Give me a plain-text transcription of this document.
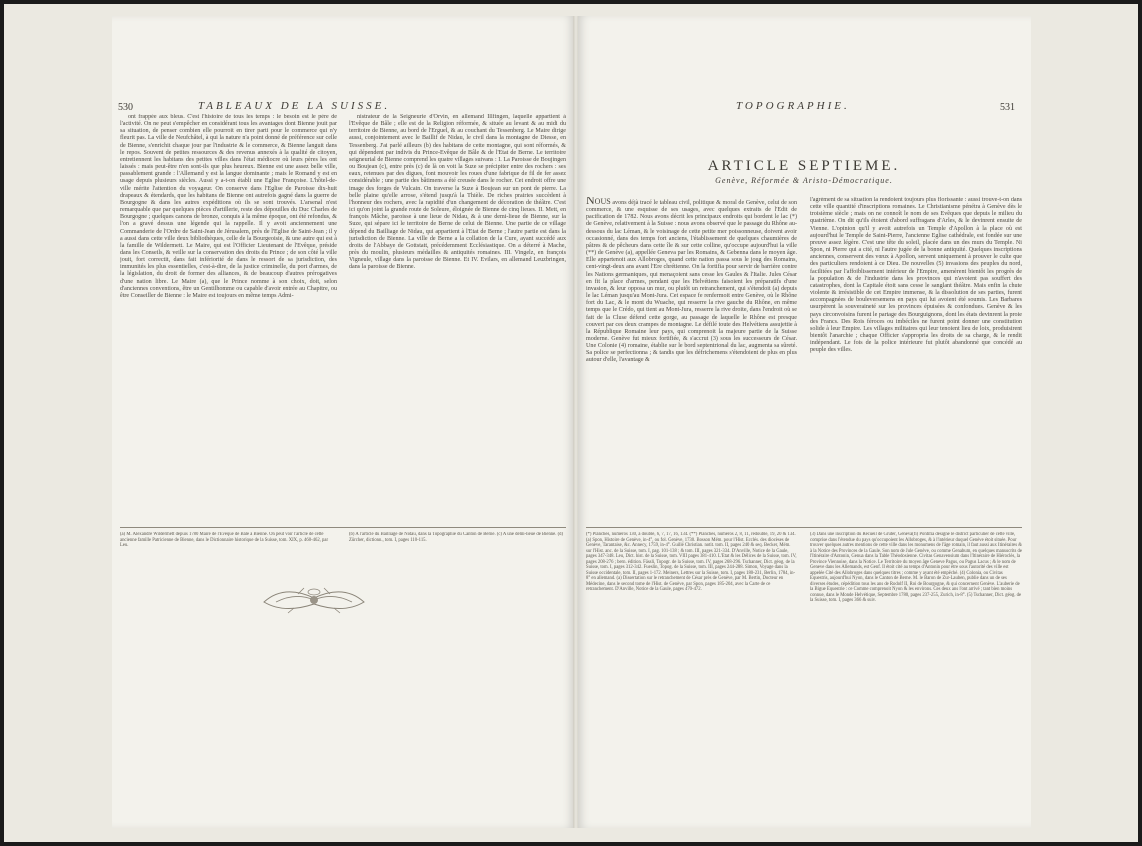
530	TABLEAUX DE LA SUISSE.

ont frappée aux bleus. C'est l'histoire de tous les temps : le besoin est le père de l'activité. On ne peut s'empêcher en considérant tous les avantages dont Bienne jouit par sa situation, de penser combien elle pourroit en tirer parti pour le commerce qui n'y fleurit pas. La ville de Neufchâtel, à qui la nature n'a point donné de préférence sur celle de Bienne, s'enrichit chaque jour par l'industrie & le commerce, & Bienne languit dans le repos. Souvent de petites ressources & des revenus annexés à la qualité de citoyen, entretiennent les habitans des petites villes dans l'état médiocre où leurs pères les ont laissés : mais peut-être n'en sont-ils que plus heureux. Bienne est une assez belle ville, passablement grande : l'Allemand y est la langue dominante ; mais le Romand y est en usage depuis plusieurs siècles. Aussi y a-t-on établi une Eglise Françoise. L'hôtel-de-ville mérite l'attention du voyageur. On conserve dans l'Eglise de Paroisse dix-huit drapeaux & étendards, que les habitans de Bienne ont autrefois gagné dans la guerre de Bourgogne & dans les autres expéditions où ils se sont trouvés. L'arsenal n'est remarquable que par quelques pièces d'artillerie, reste des dépouilles du Duc Charles de Bourgogne ; quelques canons de bronze, conquis à la même époque, ont été refondus, & l'on a gravé dessus une légende qui la rappelle. Il y avoit anciennement une Commanderie de l'Ordre de Saint-Jean de Jérusalem, près de l'Eglise de Saint-Jean ; il y a aussi dans cette ville deux bibliothèques, celle de la Bourgeoisie, & une autre qui est à la famille de Wildermett. Le Maire, qui est l'Officier Lieutenant de l'Evêque, préside dans les Conseils, & veille sur la conservation des droits du Prince ; de son côté la ville jouit, fort correctit, dans fait infériorité de dans le ressort de sa jurisdiction, des immunités les plus essentielles, c'est-à-dire, de la justice criminelle, du port d'armes, de la législation, du droit de former des alliances, & de beaucoup d'autres prérogatives d'une nation libre. Le Maire (a), que le Prince nomme à son choix, doit, selon d'anciennes conventions, être un Gentilhomme ou capable d'avoir entrée au Chapitre, ou être Conseiller de Bienne : le Maire est toujours en même temps Admi-

nistrateur de la Seigneurie d'Orvin, en allemand Illfingen, laquelle appartient à l'Evêque de Bâle ; elle est de la Religion réformée, & située au levant & au midi du territoire de Bienne, au bord de l'Erguel, & au couchant du Tessenberg. Le Maire dirige aussi, conjointement avec le Baillif de Nidau, le civil dans la montagne de Diesse, en Tessenberg. J'ai parlé ailleurs (b) des habitans de cette montagne, qui sont réformés, & qui dépendent par indivis du Prince-Evêque de Bâle & de l'Etat de Berne. Le territoire seigneurial de Bienne comprend les quatre villages suivans : I. La Paroisse de Boujingen ou Boujean (c), entre près (c) de là on voit la Suze se précipiter entre des rochers : ses eaux, retenues par des digues, font mouvoir les roues d'une fabrique de fil de fer assez considérable ; une partie des bâtimens a été creusée dans le rocher. Cet endroit offre une image des forges de Vulcain. On traverse la Suze à Boujean sur un pont de pierre. La belle plaine qu'elle arrose, s'étend jusqu'à la Thièle. De riches prairies succèdent à l'honneur des rochers, avec la rapidité d'un changement de décoration de théâtre. C'est ici qu'on joint la grande route de Soleure, éloignée de Bienne de cinq lieues. II. Mett, en françois Mâche, paroisse à une lieue de Nidau, & à une demi-lieue de Bienne, sur la Suze, qui sépare ici le territoire de Berne de celui de Bienne. Une partie de ce village dépend du Bailliage de Nidau, qui appartient à l'Etat de Berne ; l'autre partie est dans la jurisdiction de Bienne. La ville de Berne a la collation de la Cure, ayant succédé aux droits de l'Abbaye de Gottstatt, précédemment Ecclésiastique. On a déterré à Mache, près du moulin, plusieurs médailles & antiquités romaines. III. Vingelz, en françois Vigneule, village dans la paroisse de Bienne. Et IV. Evilars, en allemand Leuzbringen, dans la paroisse de Bienne.

(a) M. Alexandre Wildermett depuis 1780 Maire de l'Evêque de Bâle à Bienne. On peut voir l'article de cette ancienne famille Patricienne de Bienne, dans le Dictionnaire historique de la Suisse, tom. XIX, p. 460-462, par Leu.

(b) A l'article du Bailliage de Nidau, dans la Topographie du Canton de Berne. (c) A une demi-lieue de Bienne. (d) Zürcher, dictionn., tom. I, pages 110-115.

TOPOGRAPHIE.	531
ARTICLE SEPTIEME.
Genève, Réformée & Aristo-Démocratique.

Nous avons déjà tracé le tableau civil, politique & moral de Genève, celui de son commerce, & une esquisse de ses usages, avec quelques extraits de l'Edit de pacification de 1782. Nous avons décrit les principaux endroits qui bordent le lac (*) de Genève, relativement à la Suisse : nous avons observé que le passage du Rhône au-dessous du lac Léman, & le voisinage de cette petite mer poissonneuse, doivent avoir occasionné, dans des temps fort anciens, l'établissement de quelques chaumières de pâtres & de pêcheurs dans cette île & sur cette colline, qu'occupe aujourd'hui la ville (**) de Genève (a), appellée Geneva par les Romains, & Gebenna dans le moyen âge. Elle appartenoit aux Allobroges, quand cette nation passa sous le joug des Romains, cent-vingt-deux ans avant l'Ere chrétienne. On la fortifia pour servir de barrière contre les Nations germaniques, qui menaçoient sans cesse les Gaules & l'Italie. Jules César en fit la place d'armes, pendant que les Helvétiens faisoient les préparatifs d'une invasion, & leur opposa un mur, ou plutôt un retranchement, qui s'étendoit (a) depuis le lac Léman jusqu'au Mont-Jura. Cet espace fe renfermoit entre Genève, où le Rhône fort du Lac, & le mont du Wuache, qui resserre la rive gauche du Rhône, en même temps que le Crédo, qui tient au Mont-Jura, resserre la rive droite, dans l'endroit où se fait de la Cluse défend cette gorge, au passage de laquelle le Rhône est presque couvert par ces deux crampes de montagne. Le défilé toute des Helvétiens assujettie à la République Romaine leur pays, qui comprenoit la majeure partie de la Suisse moderne. Genève fut mieux fortifiée, & s'accrut (3) sous les successeurs de César. Une Colonie (4) romaine, établie sur le bord septentrional du lac, augmenta sa sûreté. Sa police se perfectionna ; & tandis que les défrichemens s'étendoient de plus en plus autour d'elle, l'avantage &

l'agrément de sa situation la rendoient toujours plus florissante : aussi trouve-t-on dans cette ville quantité d'inscriptions romaines. Le Christianisme pénétra à Genève dès le troisième siècle ; mais on ne connoît le nom de ses Evêques que depuis le milieu du quatrième. On dit qu'ils étoient d'abord suffragans d'Arles, & le devinrent ensuite de Vienne. L'opinion qu'il y avoit autrefois un Temple d'Apollon à la place où est aujourd'hui le Temple de Saint-Pierre, l'ancienne Eglise cathédrale, est fondée sur une preuve assez légère. C'est une tête du soleil, placée dans un des murs du Temple. Ni Spon, ni Pierre qui a cité, ni l'autre jugée de la bonne antiquité. Quelques inscriptions anciennes, conservent des vœux à Apollon, servent uniquement à prouver le culte que des particuliers rendoient à ce Dieu. De nouvelles (5) invasions des peuples du nord, facilitées par l'affoiblissement intérieur de l'Empire, amenèrent bientôt les progrès de la population & de l'industrie dans les provinces qui n'avoient pas souffert des catastrophes, dont la Capitale étoit sans cesse le sanglant théâtre. Mais enfin la chute violente & irrésistible de cet Empire immense, & la dissolution de ses parties, furent accompagnées de bouleversemens en pays qui lui avoient été soumis. Les Barbares usurpèrent la souveraineté sur les provinces épuisées & confondues. Genève & les pays circonvoisins furent le partage des Bourguignons, dont les états devinrent la proie des Francs. Des Rois féroces ou imbéciles ne furent point donner une constitution solide à leur Empire. Les villages militaires qui leur tenoient lieu de loix, produisirent bientôt l'anarchie ; chaque Officier s'appropria les droits de sa charge, & le rendit indépendant. Le fois de la police intérieure fut plutôt abandonné que concédé au peuple des villes.

(*) Planches, numéros 130, à double, 6, 7, 17, 16, 134. (**) Planches, numéros 2, 8, 11, redouble, 19, 20 & 134. (a) Spon, Histoire de Genève, in-4°, ou fol. Genève, 1730. Bosson Mém. pour l'Hist. Ecclés. des diocèses de Genève, Tarantaise, &c. Annecy, 1759, in-4°. Guillé Christian. notit. tom. II, pages 240 & seq. Becker, Mém. sur l'Hist. anc. de la Suisse, tom. I, pag. 101-138 ; & tom. III, pages 321-334. D'Anville, Notice de la Gaule, pages 347-348. Leu, Dict. hist. de la Suisse, tom. VIII pages 381-410. L'Etat & les Délices de la Suisse, tom. IV, pages 208-276 ; bern. édition. Fässli, Topogr. de la Suisse, tom. IV, pages 268-296. Tschanner, Dict. géog. de la Suisse, tom. I, pages 312-342. Fueslin, Topog. de la Suisse, tom. III, pages 244-288. Simon, Voyage dans la Suisse occidentale, tom. II, pages 1-172. Meiners, Lettres sur la Suisse, tom. I, pages 180-231, Berlin, 1784, in-8° en allemand. (a) Dissertation sur le retranchement de César près de Genève, par M. Bertin, Docteur en Médecine, dans le second tome de l'Hist. de Genève, par Spon, pages 185-204, avec la Carte de ce retranchement. D'Anville, Notice de la Gaule, pages 470-472.

(3) Dans une inscription du Recueil de Gruter, Geneva(fi) Pontifia désigne le district particulier de cette ville, comprise dans l'étendue du pays qu'occupoient les Allobroges, & à l'intérieur duquel Genève étoit située. Pour trouver quelques autres mentions de cette ville dans les monumens de l'âge romain, il faut aussi aux Itinéraires & à la Notice des Provinces de la Gaule. Son nom de Jule Genève, ou comme Genabum, en quelques manuscrits de l'Itinéraire d'Antonin, Genua dans la Table Théodosienne. Civitas Genavensium dans l'Itinéraire de Hiéroclès, la Province Viennoise, dans la Notice. Le Territoire du moyen âge Geneve Pagus, ou Pagus Lacus ; & le nom de Geneve dans les Allemands, est Genf. Il étoit cité au temps d'Antonin pour être sous l'autorité des ville est appelée Cité des Allobroges dans quelques titres ; comme y ayant été empêché. (4) Colonia, ou Civitas Equestris, aujourd'hui Nyon, dans le Canton de Berne. M. le Baron de Zur-Lauben, publie dans un de ses diverses études, cépédition tous les ans de Rodolf II, Roi de Bourgogne, & qui concernent Genève. L'auberie de la Bigue Equestrie : ce Comme comprenoit Nyon & les environs. Ces deux ans l'ont arrivé ; tant bien moins connue, dans le Monde Helvétique, Septembre 1780, pages 237-255, Zurich, in-8°. (5) Tschanner, Dict. géog. de la Suisse, tom. I, pages 366 & suiv.
